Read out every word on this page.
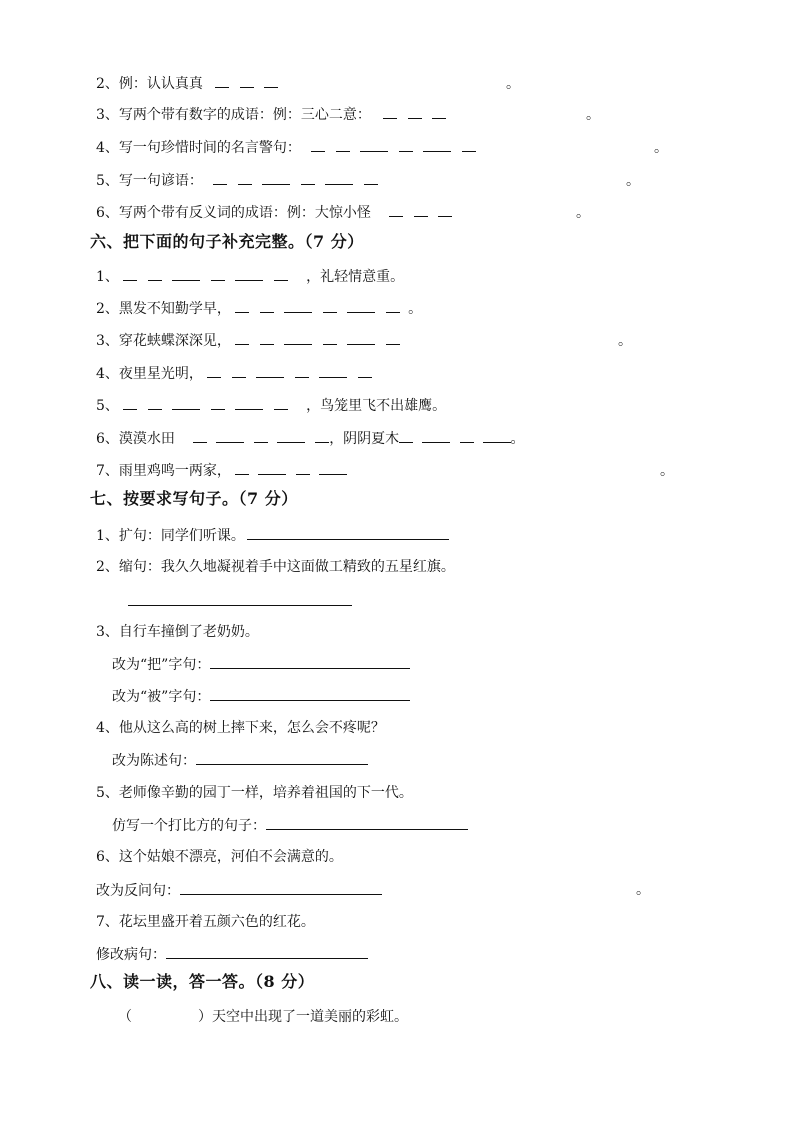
2、例：认认真真	。
3、写两个带有数字的成语：例：三心二意：	。
4、写一句珍惜时间的名言警句：	。
5、写一句谚语：	。
6、写两个带有反义词的成语：例：大惊小怪	。
六、把下面的句子补充完整。（7 分）
1、	，礼轻情意重。
2、黑发不知勤学早，	。
3、穿花蛱蝶深深见，	。
4、夜里星光明，
5、	，鸟笼里飞不出雄鹰。
6、漠漠水田	，阴阴夏木	。
7、雨里鸡鸣一两家，	。
七、按要求写句子。（7 分）
1、扩句：同学们听课。
2、缩句：我久久地凝视着手中这面做工精致的五星红旗。
3、自行车撞倒了老奶奶。
改为“把”字句：
改为“被”字句：
4、他从这么高的树上摔下来，怎么会不疼呢？
改为陈述句：
5、老师像辛勤的园丁一样，培养着祖国的下一代。
仿写一个打比方的句子：
6、这个姑娘不漂亮，河伯不会满意的。
改为反问句：	。
7、花坛里盛开着五颜六色的红花。
修改病句：
八、读一读，答一答。（8 分）
（	）天空中出现了一道美丽的彩虹。
